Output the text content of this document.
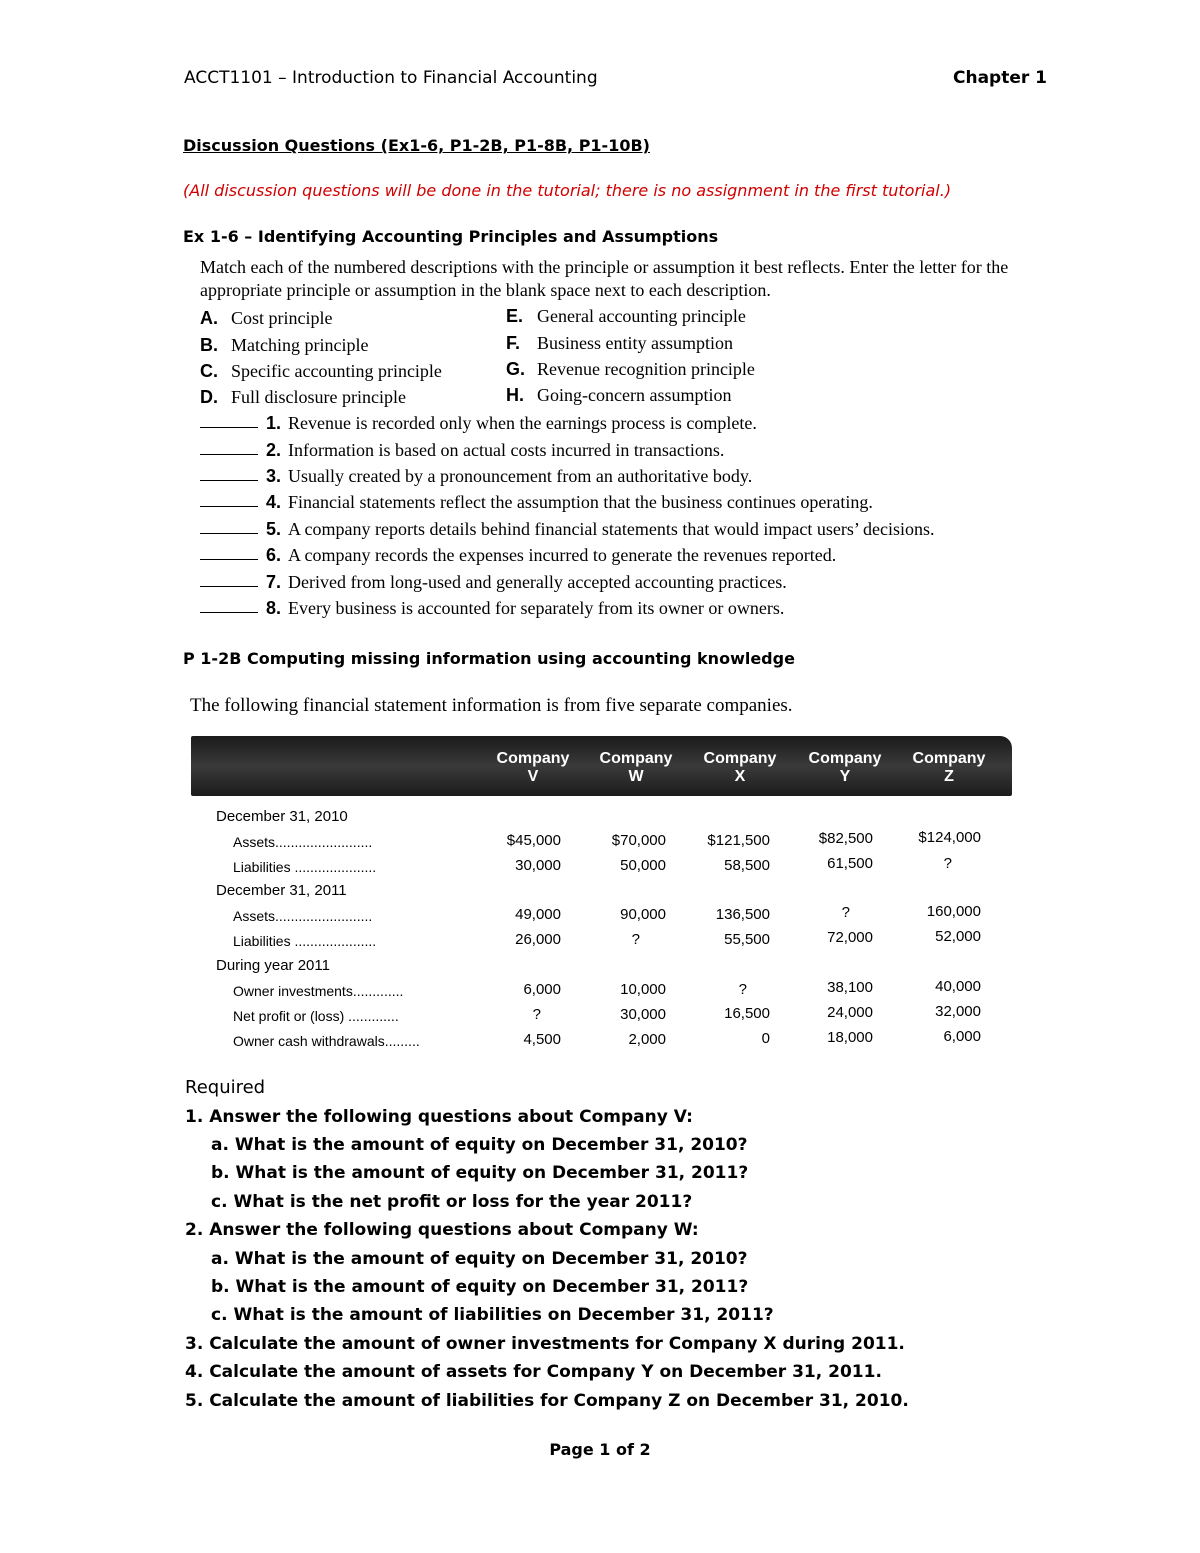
ACCT1101 – Introduction to Financial Accounting	Chapter 1
Discussion Questions (Ex1-6, P1-2B, P1-8B, P1-10B)
(All discussion questions will be done in the tutorial; there is no assignment in the first tutorial.)
Ex 1-6 – Identifying Accounting Principles and Assumptions
Match each of the numbered descriptions with the principle or assumption it best reflects. Enter the letter for the appropriate principle or assumption in the blank space next to each description.
A. Cost principle
B. Matching principle
C. Specific accounting principle
D. Full disclosure principle
E. General accounting principle
F. Business entity assumption
G. Revenue recognition principle
H. Going-concern assumption
1. Revenue is recorded only when the earnings process is complete.
2. Information is based on actual costs incurred in transactions.
3. Usually created by a pronouncement from an authoritative body.
4. Financial statements reflect the assumption that the business continues operating.
5. A company reports details behind financial statements that would impact users’ decisions.
6. A company records the expenses incurred to generate the revenues reported.
7. Derived from long-used and generally accepted accounting practices.
8. Every business is accounted for separately from its owner or owners.
P 1-2B Computing missing information using accounting knowledge
The following financial statement information is from five separate companies.
Company
V
Company
W
Company
X
Company
Y
Company
Z
December 31, 2010
Assets.........................	$45,000	$70,000	$121,500	$82,500	$124,000
Liabilities .....................	30,000	50,000	58,500	61,500	?
December 31, 2011
Assets.........................	49,000	90,000	136,500	?	160,000
Liabilities .....................	26,000	?	55,500	72,000	52,000
During year 2011
Owner investments.............	6,000	10,000	?	38,100	40,000
Net profit or (loss) .............	?	30,000	16,500	24,000	32,000
Owner cash withdrawals.........	4,500	2,000	0	18,000	6,000
Required
1. Answer the following questions about Company V:
a. What is the amount of equity on December 31, 2010?
b. What is the amount of equity on December 31, 2011?
c. What is the net profit or loss for the year 2011?
2. Answer the following questions about Company W:
a. What is the amount of equity on December 31, 2010?
b. What is the amount of equity on December 31, 2011?
c. What is the amount of liabilities on December 31, 2011?
3. Calculate the amount of owner investments for Company X during 2011.
4. Calculate the amount of assets for Company Y on December 31, 2011.
5. Calculate the amount of liabilities for Company Z on December 31, 2010.
Page 1 of 2
